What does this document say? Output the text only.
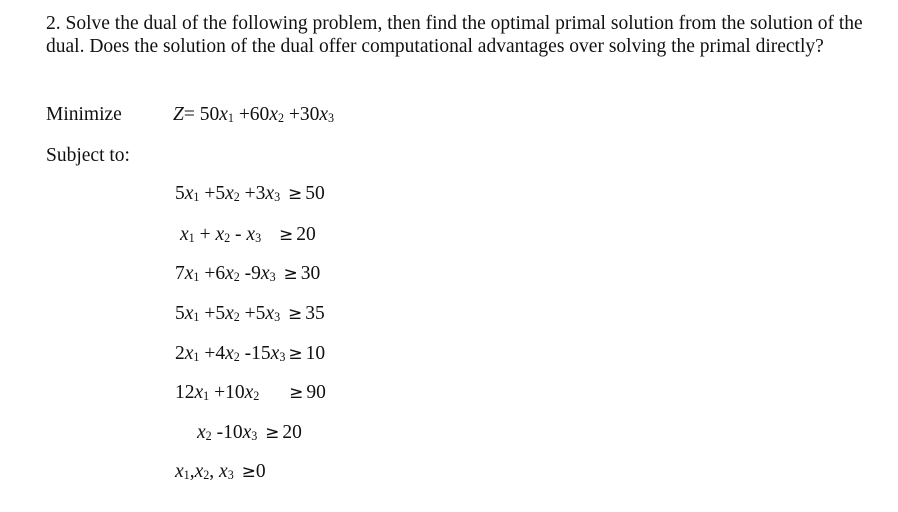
2. Solve the dual of the following problem, then find the optimal primal solution from the solution of the dual. Does the solution of the dual offer computational advantages over solving the primal directly?
Minimize	$Z= 50x_1 +60x_2 +30x_3$
Subject to:
$5x_1 +5x_2 +3x_3 \ge 50$
$x_1 + x_2 - x_3 \ge 20$
$7x_1 +6x_2$ $-9x_3 \ge 30$
$5x_1 +5x_2 +5x_3 \ge 35$
$2x_1 +4x_2$ $-15x_3 \ge 10$
$12x_1 +10x_2 \ge 90$
$x_2$ $-10x_3 \ge 20$
$x_1,x_2$, $x_3 \ge 0$
